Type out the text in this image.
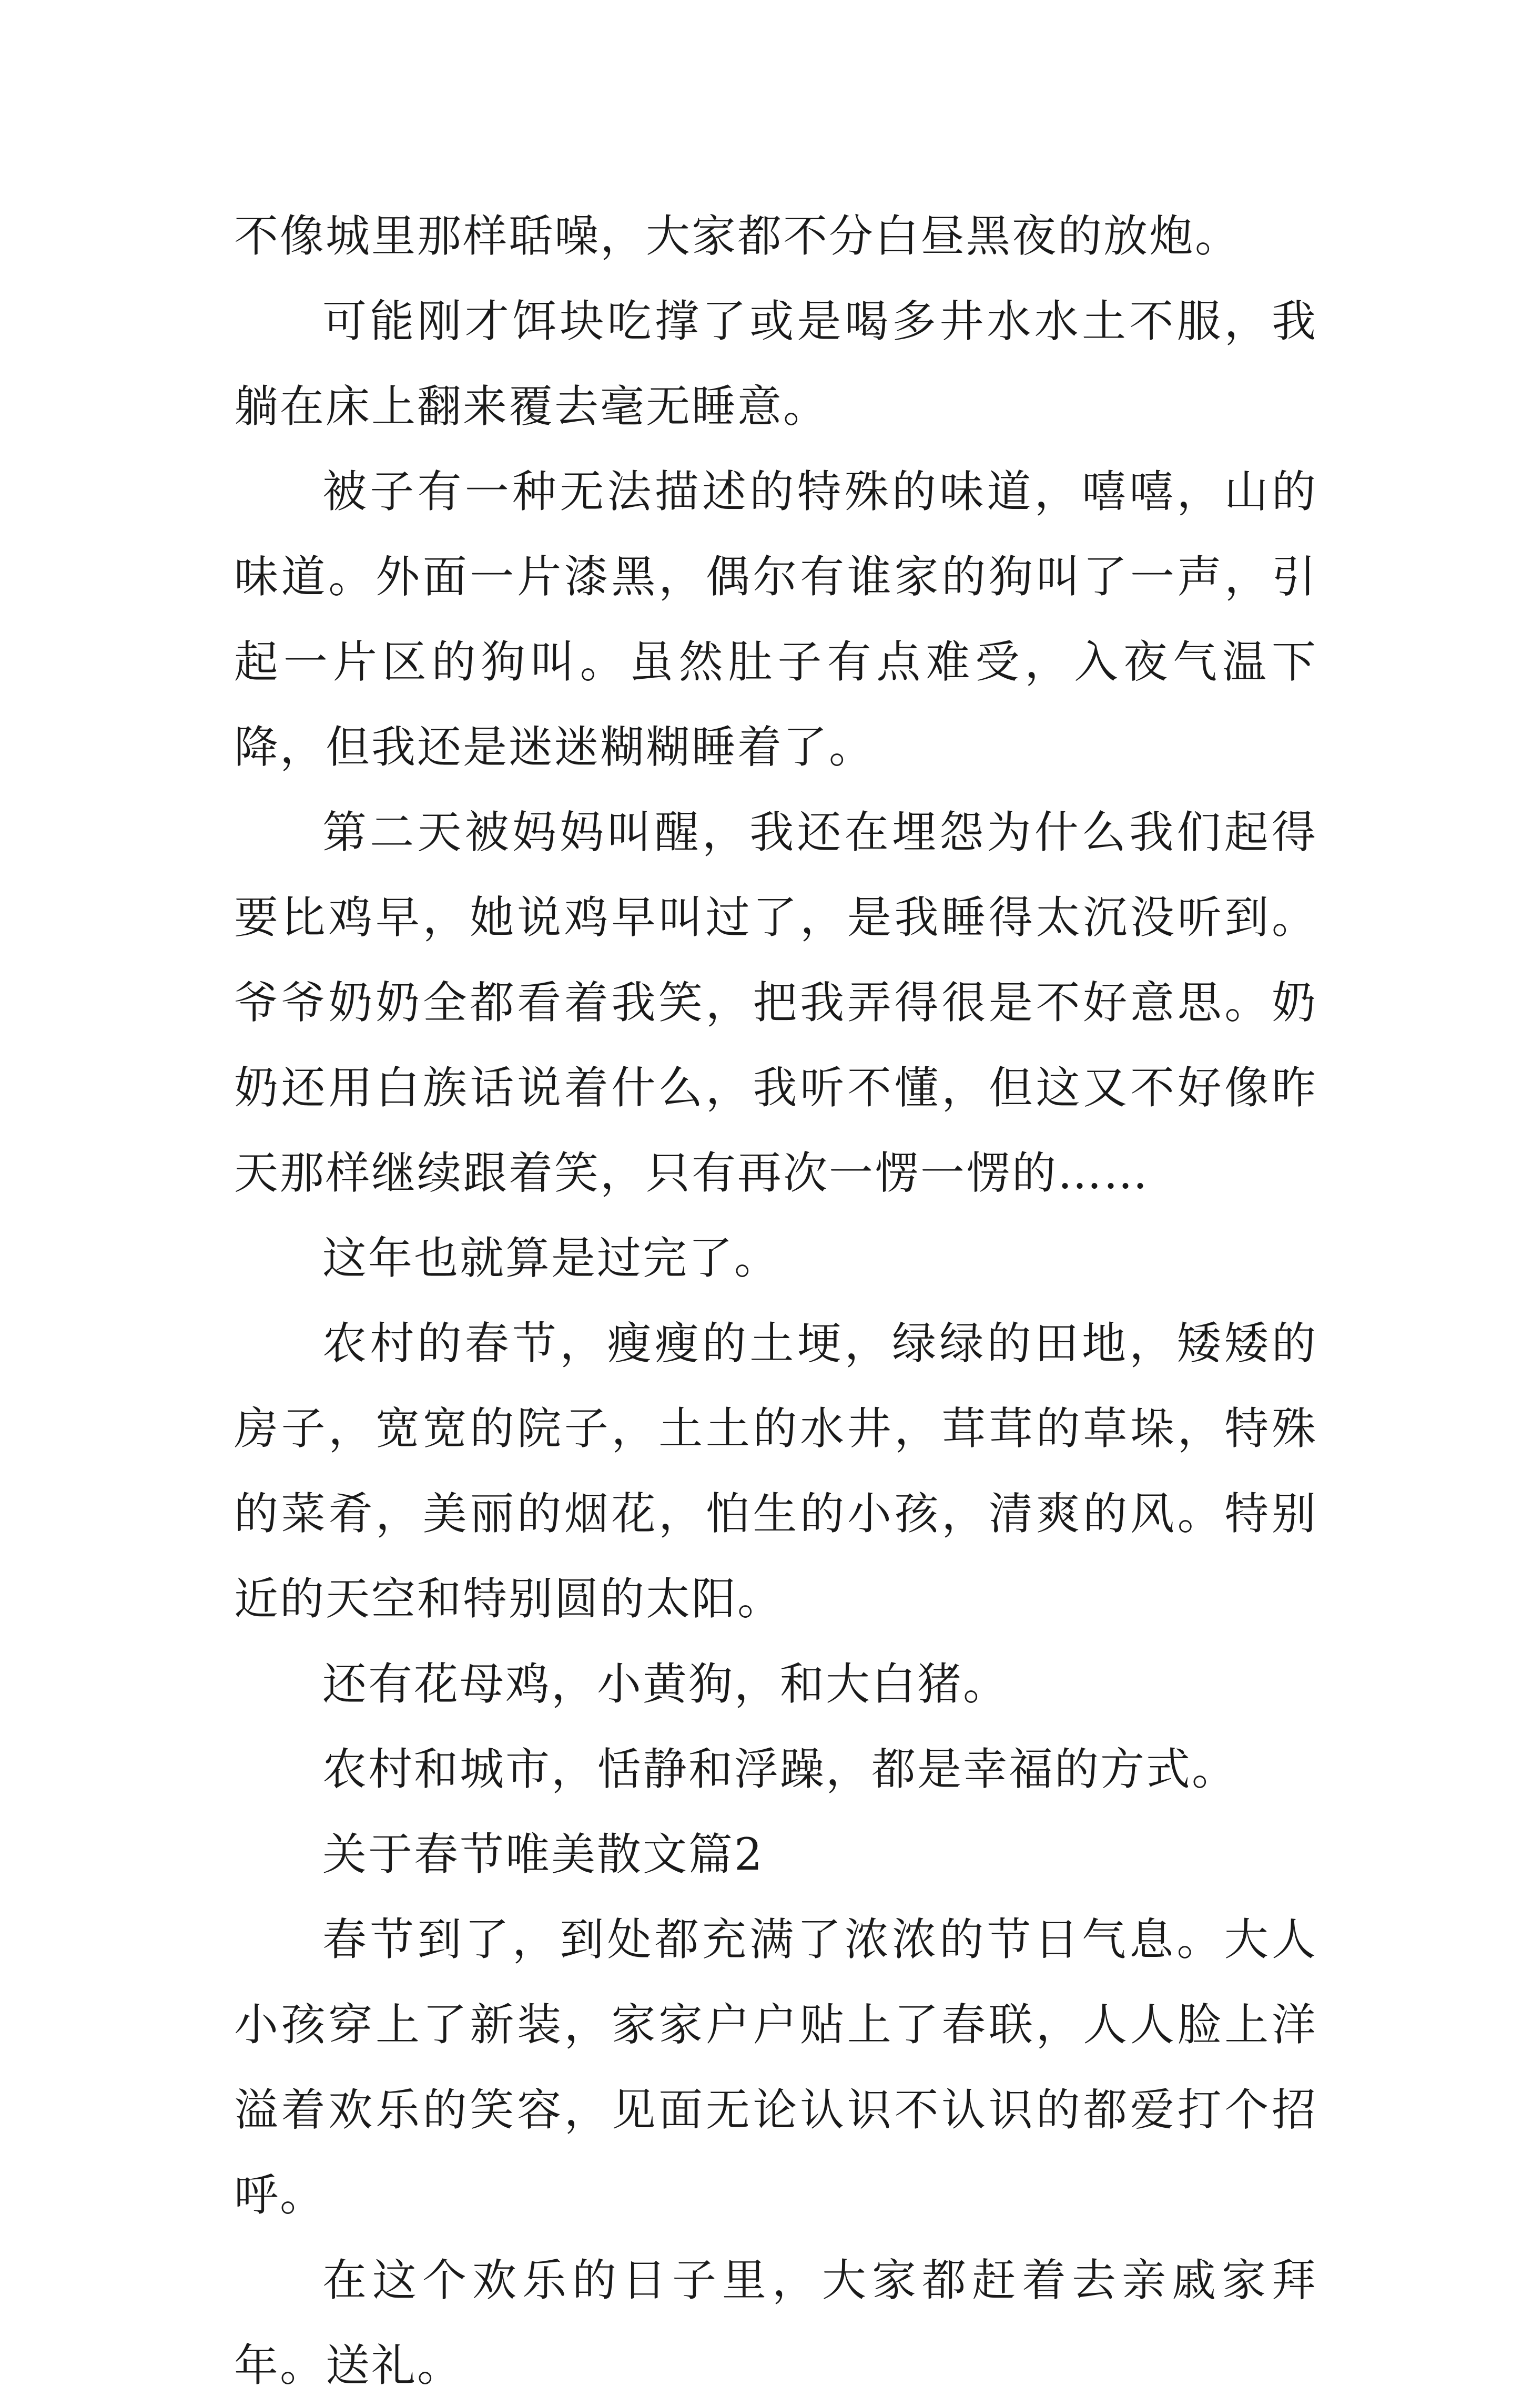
不像城里那样聒噪，大家都不分白昼黑夜的放炮。

可能刚才饵块吃撑了或是喝多井水水土不服，我躺在床上翻来覆去毫无睡意。

被子有一种无法描述的特殊的味道，嘻嘻，山的味道。外面一片漆黑，偶尔有谁家的狗叫了一声，引起一片区的狗叫。虽然肚子有点难受，入夜气温下降，但我还是迷迷糊糊睡着了。

第二天被妈妈叫醒，我还在埋怨为什么我们起得要比鸡早，她说鸡早叫过了，是我睡得太沉没听到。爷爷奶奶全都看着我笑，把我弄得很是不好意思。奶奶还用白族话说着什么，我听不懂，但这又不好像昨天那样继续跟着笑，只有再次一愣一愣的……

这年也就算是过完了。

农村的春节，瘦瘦的土埂，绿绿的田地，矮矮的房子，宽宽的院子，土土的水井，茸茸的草垛，特殊的菜肴，美丽的烟花，怕生的小孩，清爽的风。特别近的天空和特别圆的太阳。

还有花母鸡，小黄狗，和大白猪。

农村和城市，恬静和浮躁，都是幸福的方式。

关于春节唯美散文篇2

春节到了，到处都充满了浓浓的节日气息。大人小孩穿上了新装，家家户户贴上了春联，人人脸上洋溢着欢乐的笑容，见面无论认识不认识的都爱打个招呼。

在这个欢乐的日子里，大家都赶着去亲戚家拜年。送礼。
